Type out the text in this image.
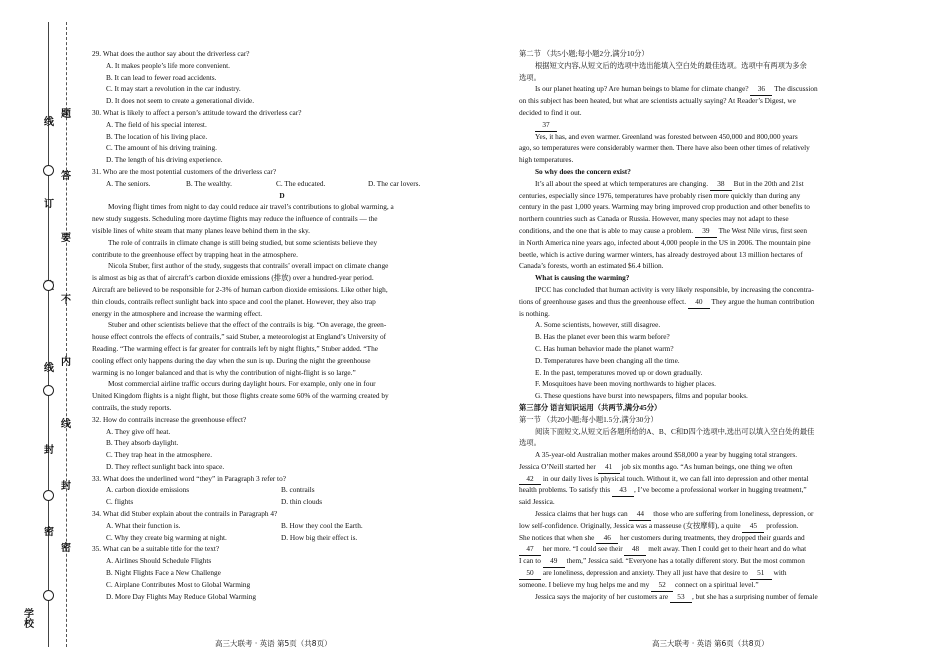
题
答
要
不
内
线
封
密
线
订
线
封
密
学校
29. What does the author say about the driverless car?
A. It makes people’s life more convenient.
B. It can lead to fewer road accidents.
C. It may start a revolution in the car industry.
D. It does not seem to create a generational divide.
30. What is likely to affect a person’s attitude toward the driverless car?
A. The field of his special interest.
B. The location of his living place.
C. The amount of his driving training.
D. The length of his driving experience.
31. Who are the most potential customers of the driverless car?
A. The seniors.	B. The wealthy.	C. The educated.	D. The car lovers.
D
Moving flight times from night to day could reduce air travel’s contributions to global warming, a
new study suggests. Scheduling more daytime flights may reduce the influence of contrails — the
visible lines of white steam that many planes leave behind them in the sky.
The role of contrails in climate change is still being studied, but some scientists believe they
contribute to the greenhouse effect by trapping heat in the atmosphere.
Nicola Stuber, first author of the study, suggests that contrails’ overall impact on climate change
is almost as big as that of aircraft’s carbon dioxide emissions (排放) over a hundred-year period.
Aircraft are believed to be responsible for 2-3% of human carbon dioxide emissions. Like other high,
thin clouds, contrails reflect sunlight back into space and cool the planet. However, they also trap
energy in the atmosphere and increase the warming effect.
Stuber and other scientists believe that the effect of the contrails is big. “On average, the green-
house effect controls the effects of contrails,” said Stuber, a meteorologist at England’s University of
Reading. “The warming effect is far greater for contrails left by night flights,” Stuber added. “The
cooling effect only happens during the day when the sun is up. During the night the greenhouse
warming is no longer balanced and that is why the contribution of night-flight is so large.”
Most commercial airline traffic occurs during daylight hours. For example, only one in four
United Kingdom flights is a night flight, but those flights create some 60% of the warming created by
contrails, the study reports.
32. How do contrails increase the greenhouse effect?
A. They give off heat.
B. They absorb daylight.
C. They trap heat in the atmosphere.
D. They reflect sunlight back into space.
33. What does the underlined word “they” in Paragraph 3 refer to?
A. carbon dioxide emissions	B. contrails
C. flights	D. thin clouds
34. What did Stuber explain about the contrails in Paragraph 4?
A. What their function is.	B. How they cool the Earth.
C. Why they create big warming at night.	D. How big their effect is.
35. What can be a suitable title for the text?
A. Airlines Should Schedule Flights
B. Night Flights Face a New Challenge
C. Airplane Contributes Most to Global Warming
D. More Day Flights May Reduce Global Warming
第二节 （共5小题;每小题2分,满分10分）
根据短文内容,从短文后的选项中选出能填入空白处的最佳选项。选项中有两项为多余
选项。
Is our planet heating up? Are human beings to blame for climate change? 36 The discussion
on this subject has been heated, but what are scientists actually saying? At Reader’s Digest, we
decided to find it out.
37
Yes, it has, and even warmer. Greenland was forested between 450,000 and 800,000 years
ago, so temperatures were considerably warmer then. There have also been other times of relatively
high temperatures.
So why does the concern exist?
It’s all about the speed at which temperatures are changing. 38 But in the 20th and 21st
centuries, especially since 1976, temperatures have probably risen more quickly than during any
century in the past 1,000 years. Warming may bring improved crop production and other benefits to
northern countries such as Canada or Russia. However, many species may not adapt to these
conditions, and the one that is able to may cause a problem. 39 The West Nile virus, first seen
in North America nine years ago, infected about 4,000 people in the US in 2006. The mountain pine
beetle, which is active during warmer winters, has already destroyed about 13 million hectares of
Canada’s forests, worth an estimated $6.4 billion.
What is causing the warming?
IPCC has concluded that human activity is very likely responsible, by increasing the concentra-
tions of greenhouse gases and thus the greenhouse effect. 40 They argue the human contribution
is nothing.
A. Some scientists, however, still disagree.
B. Has the planet ever been this warm before?
C. Has human behavior made the planet warm?
D. Temperatures have been changing all the time.
E. In the past, temperatures moved up or down gradually.
F. Mosquitoes have been moving northwards to higher places.
G. These questions have burst into newspapers, films and popular books.
第三部分 语言知识运用（共两节,满分45分）
第一节 （共20小题;每小题1.5分,满分30分）
阅读下面短文,从短文后各题所给的A、B、C和D四个选项中,选出可以填入空白处的最佳
选项。
A 35-year-old Australian mother makes around $58,000 a year by hugging total strangers.
Jessica O’Neill started her 41 job six months ago. “As human beings, one thing we often
42 in our daily lives is physical touch. Without it, we can fall into depression and other mental
health problems. To satisfy this 43 , I’ve become a professional worker in hugging treatment,”
said Jessica.
Jessica claims that her hugs can 44 those who are suffering from loneliness, depression, or
low self-confidence. Originally, Jessica was a masseuse (女按摩师), a quite 45 profession.
She notices that when she 46 her customers during treatments, they dropped their guards and
47 her more. “I could see their 48 melt away. Then I could get to their heart and do what
I can to 49 them,” Jessica said. “Everyone has a totally different story. But the most common
50 are loneliness, depression and anxiety. They all just have that desire to 51 with
someone. I believe my hug helps me and my 52 connect on a spiritual level.”
Jessica says the majority of her customers are 53 , but she has a surprising number of female
高三大联考 · 英语 第5页（共8页）	高三大联考 · 英语 第6页（共8页）
